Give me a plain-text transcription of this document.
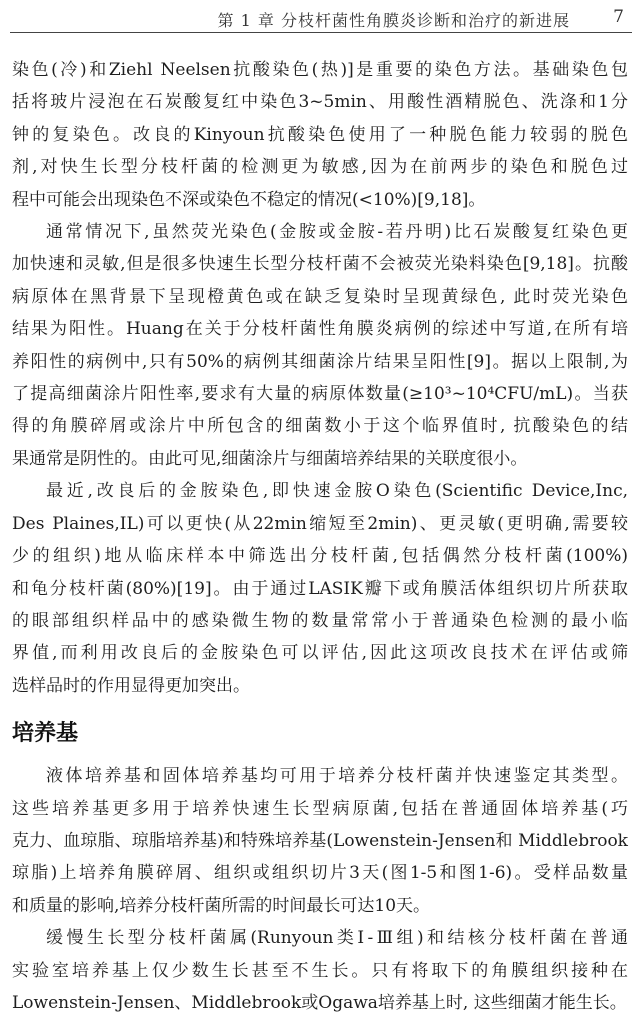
第 1 章 分枝杆菌性角膜炎诊断和治疗的新进展	7

染色(冷)和Ziehl Neelsen抗酸染色(热)]是重要的染色方法。基础染色包

括将玻片浸泡在石炭酸复红中染色3~5min、用酸性酒精脱色、洗涤和1分

钟的复染色。改良的Kinyoun抗酸染色使用了一种脱色能力较弱的脱色

剂,对快生长型分枝杆菌的检测更为敏感,因为在前两步的染色和脱色过

程中可能会出现染色不深或染色不稳定的情况(<10%)[9,18]。

通常情况下,虽然荧光染色(金胺或金胺-若丹明)比石炭酸复红染色更

加快速和灵敏,但是很多快速生长型分枝杆菌不会被荧光染料染色[9,18]。抗酸

病原体在黑背景下呈现橙黄色或在缺乏复染时呈现黄绿色, 此时荧光染色

结果为阳性。Huang在关于分枝杆菌性角膜炎病例的综述中写道,在所有培

养阳性的病例中,只有50%的病例其细菌涂片结果呈阳性[9]。据以上限制,为

了提高细菌涂片阳性率,要求有大量的病原体数量(≥10³~10⁴CFU/mL)。当获

得的角膜碎屑或涂片中所包含的细菌数小于这个临界值时, 抗酸染色的结

果通常是阴性的。由此可见,细菌涂片与细菌培养结果的关联度很小。

最近,改良后的金胺染色,即快速金胺O染色(Scientific Device,Inc,

Des Plaines,IL)可以更快(从22min缩短至2min)、更灵敏(更明确,需要较

少的组织)地从临床样本中筛选出分枝杆菌,包括偶然分枝杆菌(100%)

和龟分枝杆菌(80%)[19]。由于通过LASIK瓣下或角膜活体组织切片所获取

的眼部组织样品中的感染微生物的数量常常小于普通染色检测的最小临

界值,而利用改良后的金胺染色可以评估,因此这项改良技术在评估或筛

选样品时的作用显得更加突出。

培养基

液体培养基和固体培养基均可用于培养分枝杆菌并快速鉴定其类型。

这些培养基更多用于培养快速生长型病原菌,包括在普通固体培养基(巧

克力、血琼脂、琼脂培养基)和特殊培养基(Lowenstein-Jensen和 Middlebrook

琼脂)上培养角膜碎屑、组织或组织切片3天(图1-5和图1-6)。受样品数量

和质量的影响,培养分枝杆菌所需的时间最长可达10天。

缓慢生长型分枝杆菌属(Runyoun类Ⅰ-Ⅲ组)和结核分枝杆菌在普通

实验室培养基上仅少数生长甚至不生长。只有将取下的角膜组织接种在

Lowenstein-Jensen、Middlebrook或Ogawa培养基上时, 这些细菌才能生长。
